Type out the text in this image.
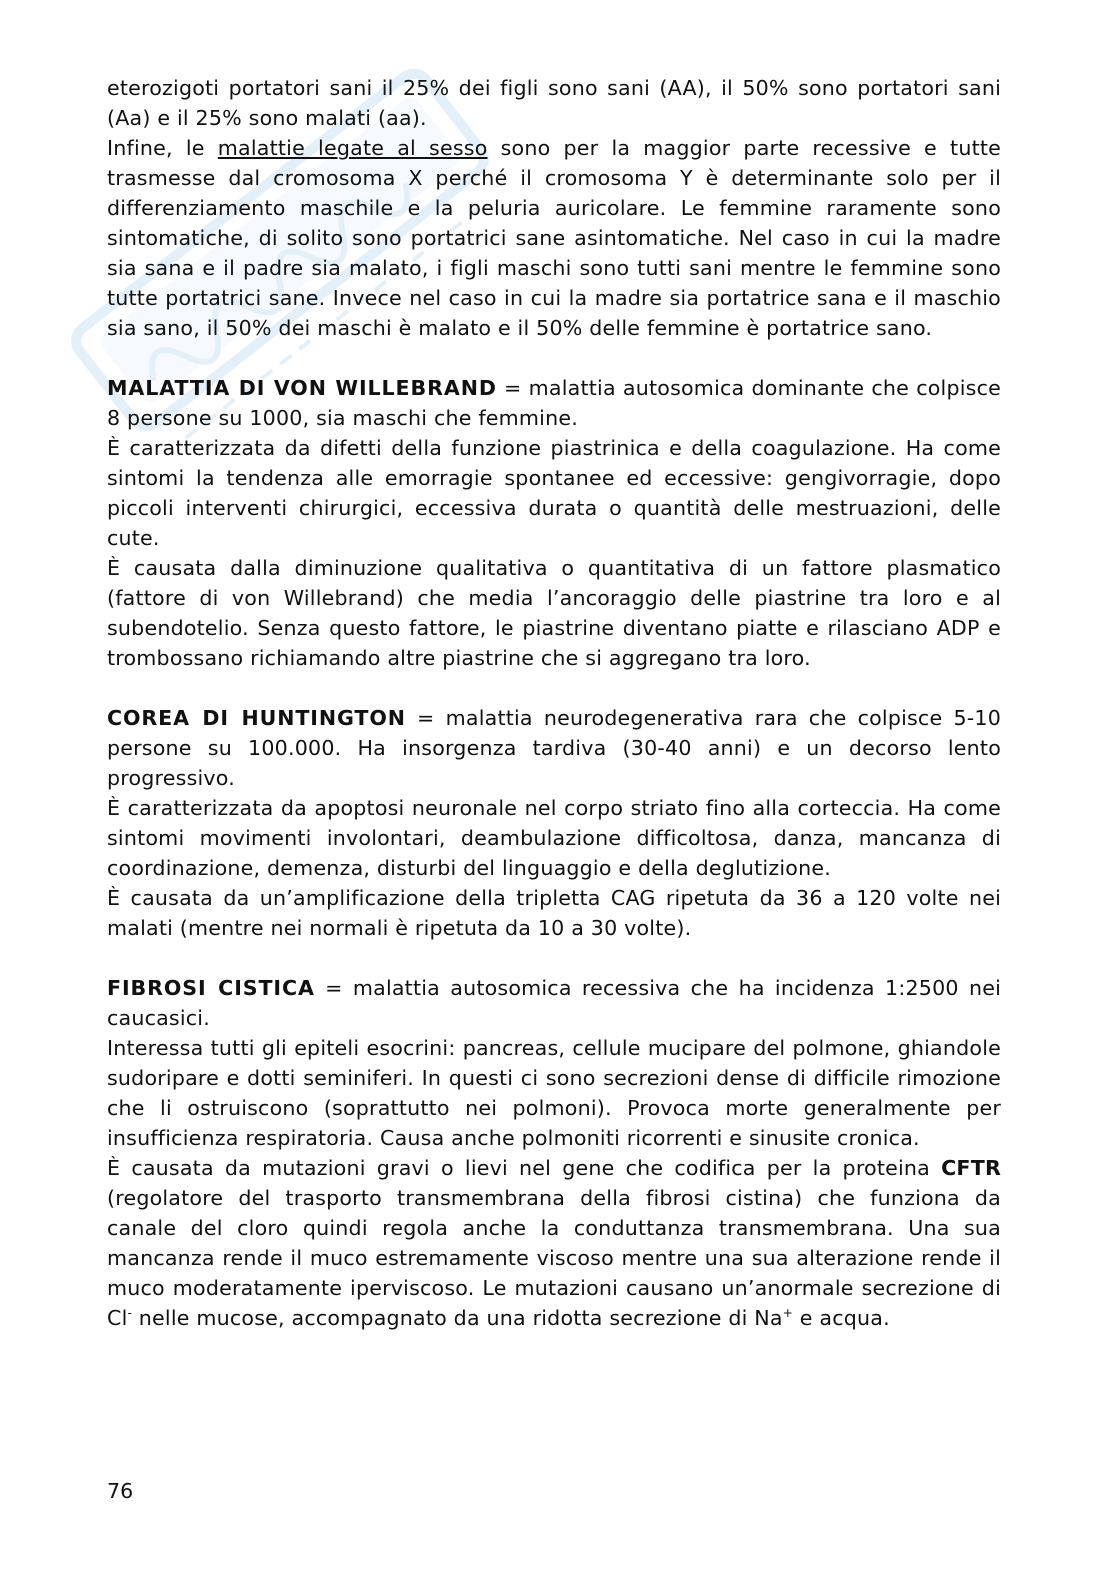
eterozigoti portatori sani il 25% dei figli sono sani (AA), il 50% sono portatori sani (Aa) e il 25% sono malati (aa).

Infine, le malattie legate al sesso sono per la maggior parte recessive e tutte trasmesse dal cromosoma X perché il cromosoma Y è determinante solo per il differenziamento maschile e la peluria auricolare. Le femmine raramente sono sintomatiche, di solito sono portatrici sane asintomatiche. Nel caso in cui la madre sia sana e il padre sia malato, i figli maschi sono tutti sani mentre le femmine sono tutte portatrici sane. Invece nel caso in cui la madre sia portatrice sana e il maschio sia sano, il 50% dei maschi è malato e il 50% delle femmine è portatrice sano.

MALATTIA DI VON WILLEBRAND = malattia autosomica dominante che colpisce 8 persone su 1000, sia maschi che femmine.

È caratterizzata da difetti della funzione piastrinica e della coagulazione. Ha come sintomi la tendenza alle emorragie spontanee ed eccessive: gengivorragie, dopo piccoli interventi chirurgici, eccessiva durata o quantità delle mestruazioni, delle cute.

È causata dalla diminuzione qualitativa o quantitativa di un fattore plasmatico (fattore di von Willebrand) che media l’ancoraggio delle piastrine tra loro e al subendotelio. Senza questo fattore, le piastrine diventano piatte e rilasciano ADP e trombossano richiamando altre piastrine che si aggregano tra loro.

COREA DI HUNTINGTON = malattia neurodegenerativa rara che colpisce 5-10 persone su 100.000. Ha insorgenza tardiva (30-40 anni) e un decorso lento progressivo.

È caratterizzata da apoptosi neuronale nel corpo striato fino alla corteccia. Ha come sintomi movimenti involontari, deambulazione difficoltosa, danza, mancanza di coordinazione, demenza, disturbi del linguaggio e della deglutizione.

È causata da un’amplificazione della tripletta CAG ripetuta da 36 a 120 volte nei malati (mentre nei normali è ripetuta da 10 a 30 volte).

FIBROSI CISTICA = malattia autosomica recessiva che ha incidenza 1:2500 nei caucasici.

Interessa tutti gli epiteli esocrini: pancreas, cellule mucipare del polmone, ghiandole sudoripare e dotti seminiferi. In questi ci sono secrezioni dense di difficile rimozione che li ostruiscono (soprattutto nei polmoni). Provoca morte generalmente per insufficienza respiratoria. Causa anche polmoniti ricorrenti e sinusite cronica.

È causata da mutazioni gravi o lievi nel gene che codifica per la proteina CFTR (regolatore del trasporto transmembrana della fibrosi cistina) che funziona da canale del cloro quindi regola anche la conduttanza transmembrana. Una sua mancanza rende il muco estremamente viscoso mentre una sua alterazione rende il muco moderatamente iperviscoso. Le mutazioni causano un’anormale secrezione di Cl- nelle mucose, accompagnato da una ridotta secrezione di Na+ e acqua.

76
